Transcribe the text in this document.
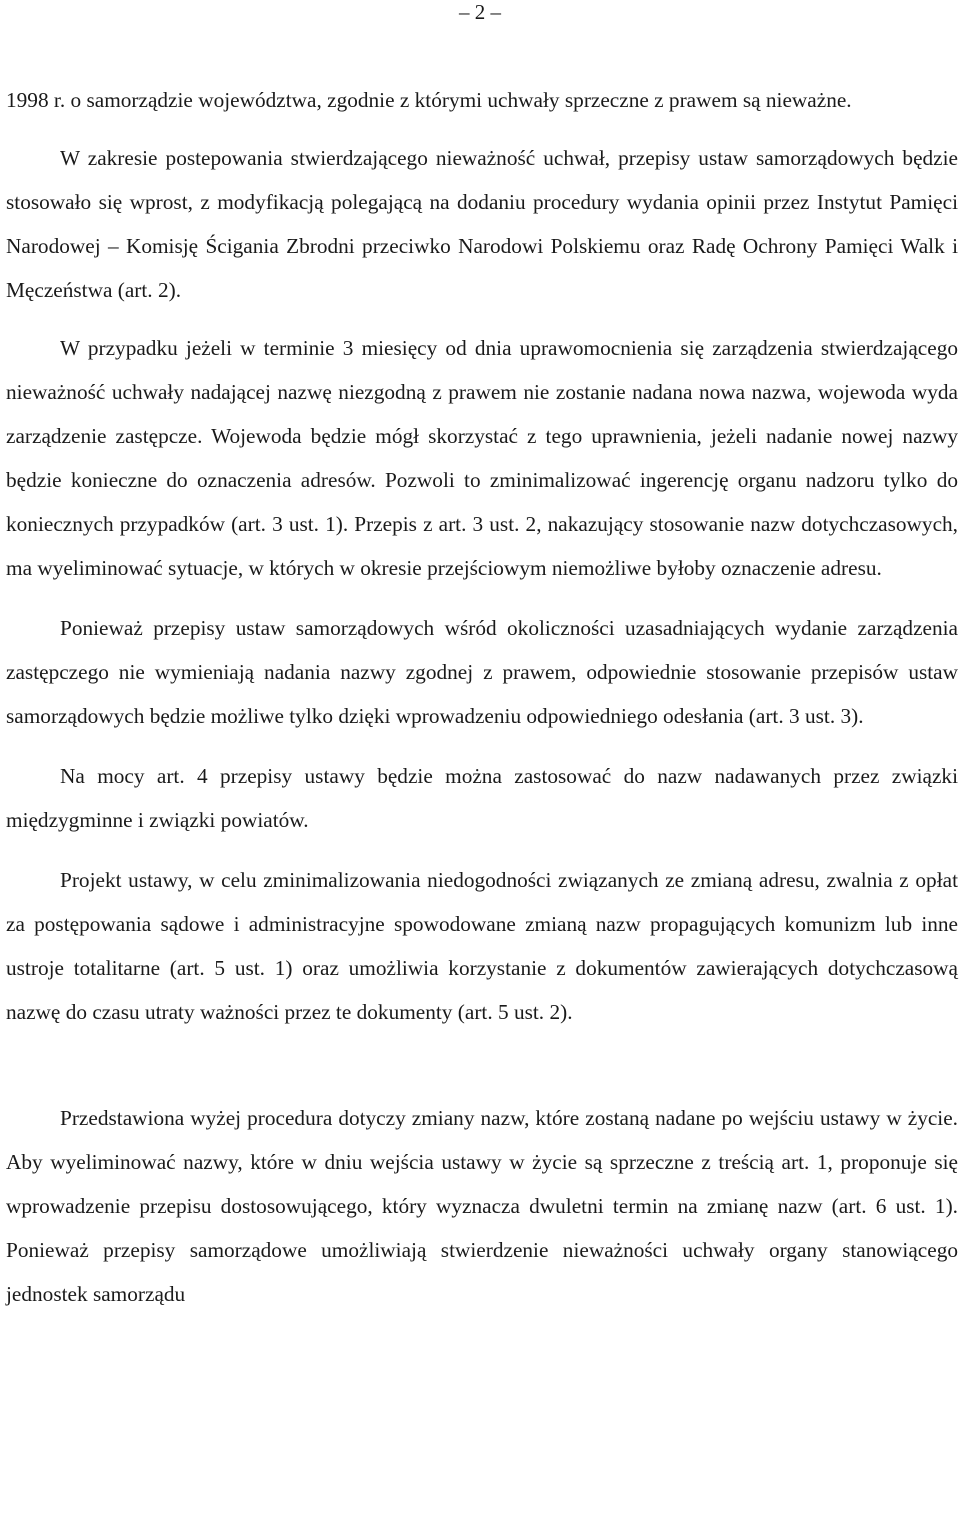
– 2 –

1998 r. o samorządzie województwa, zgodnie z którymi uchwały sprzeczne z prawem są nieważne.

W zakresie postepowania stwierdzającego nieważność uchwał, przepisy ustaw samorządowych będzie stosowało się wprost, z modyfikacją polegającą na dodaniu procedury wydania opinii przez Instytut Pamięci Narodowej – Komisję Ścigania Zbrodni przeciwko Narodowi Polskiemu oraz Radę Ochrony Pamięci Walk i Męczeństwa (art. 2).

W przypadku jeżeli w terminie 3 miesięcy od dnia uprawomocnienia się zarządzenia stwierdzającego nieważność uchwały nadającej nazwę niezgodną z prawem nie zostanie nadana nowa nazwa, wojewoda wyda zarządzenie zastępcze. Wojewoda będzie mógł skorzystać z tego uprawnienia, jeżeli nadanie nowej nazwy będzie konieczne do oznaczenia adresów. Pozwoli to zminimalizować ingerencję organu nadzoru tylko do koniecznych przypadków (art. 3 ust. 1). Przepis z art. 3 ust. 2, nakazujący stosowanie nazw dotychczasowych, ma wyeliminować sytuacje, w których w okresie przejściowym niemożliwe byłoby oznaczenie adresu.

Ponieważ przepisy ustaw samorządowych wśród okoliczności uzasadniających wydanie zarządzenia zastępczego nie wymieniają nadania nazwy zgodnej z prawem, odpowiednie stosowanie przepisów ustaw samorządowych będzie możliwe tylko dzięki wprowadzeniu odpowiedniego odesłania (art. 3 ust. 3).

Na mocy art. 4 przepisy ustawy będzie można zastosować do nazw nadawanych przez związki międzygminne i związki powiatów.

Projekt ustawy, w celu zminimalizowania niedogodności związanych ze zmianą adresu, zwalnia z opłat za postępowania sądowe i administracyjne spowodowane zmianą nazw propagujących komunizm lub inne ustroje totalitarne (art. 5 ust. 1) oraz umożliwia korzystanie z dokumentów zawierających dotychczasową nazwę do czasu utraty ważności przez te dokumenty (art. 5 ust. 2).

Przedstawiona wyżej procedura dotyczy zmiany nazw, które zostaną nadane po wejściu ustawy w życie. Aby wyeliminować nazwy, które w dniu wejścia ustawy w życie są sprzeczne z treścią art. 1, proponuje się wprowadzenie przepisu dostosowującego, który wyznacza dwuletni termin na zmianę nazw (art. 6 ust. 1). Ponieważ przepisy samorządowe umożliwiają stwierdzenie nieważności uchwały organy stanowiącego jednostek samorządu
